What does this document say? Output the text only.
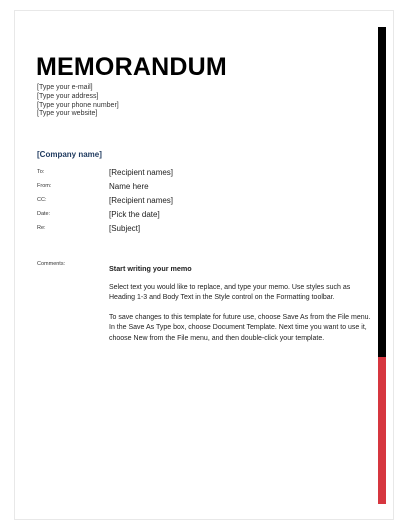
MEMORANDUM
[Type your e-mail]
[Type your address]
[Type your phone number]
[Type your website]
[Company name]
To:
From:
CC:
Date:
Re:
[Recipient names]
Name here
[Recipient names]
[Pick the date]
[Subject]
Comments:	Start writing your memo

Select text you would like to replace, and type your memo. Use styles such as Heading 1-3 and Body Text in the Style control on the Formatting toolbar.

To save changes to this template for future use, choose Save As from the File menu. In the Save As Type box, choose Document Template. Next time you want to use it, choose New from the File menu, and then double-click your template.
